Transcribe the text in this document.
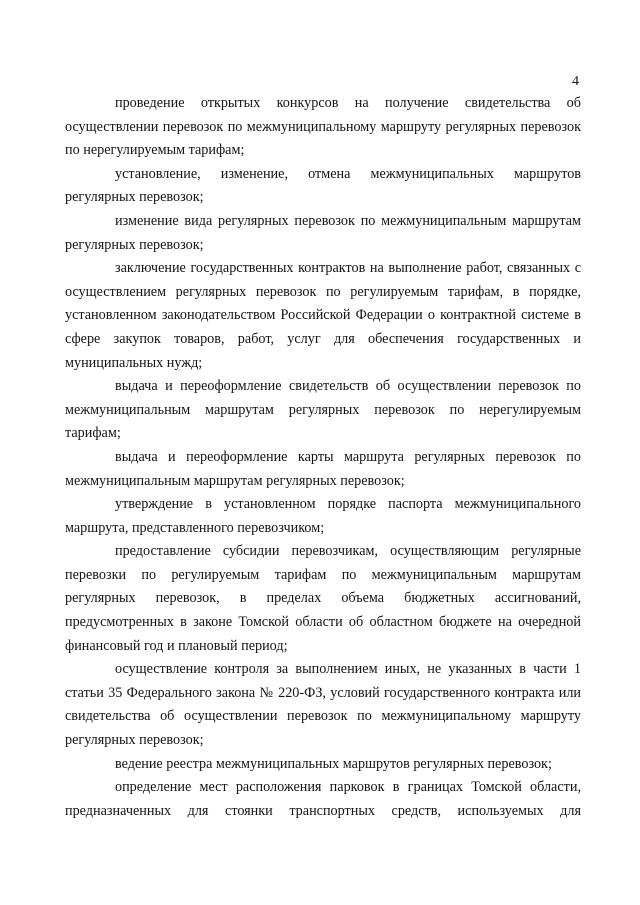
4

проведение открытых конкурсов на получение свидетельства об осуществлении перевозок по межмуниципальному маршруту регулярных перевозок по нерегулируемым тарифам;

установление, изменение, отмена межмуниципальных маршрутов регулярных перевозок;

изменение вида регулярных перевозок по межмуниципальным маршрутам регулярных перевозок;

заключение государственных контрактов на выполнение работ, связанных с осуществлением регулярных перевозок по регулируемым тарифам, в порядке, установленном законодательством Российской Федерации о контрактной системе в сфере закупок товаров, работ, услуг для обеспечения государственных и муниципальных нужд;

выдача и переоформление свидетельств об осуществлении перевозок по межмуниципальным маршрутам регулярных перевозок по нерегулируемым тарифам;

выдача и переоформление карты маршрута регулярных перевозок по межмуниципальным маршрутам регулярных перевозок;

утверждение в установленном порядке паспорта межмуниципального маршрута, представленного перевозчиком;

предоставление субсидии перевозчикам, осуществляющим регулярные перевозки по регулируемым тарифам по межмуниципальным маршрутам регулярных перевозок, в пределах объема бюджетных ассигнований, предусмотренных в законе Томской области об областном бюджете на очередной финансовый год и плановый период;

осуществление контроля за выполнением иных, не указанных в части 1 статьи 35 Федерального закона № 220-ФЗ, условий государственного контракта или свидетельства об осуществлении перевозок по межмуниципальному маршруту регулярных перевозок;

ведение реестра межмуниципальных маршрутов регулярных перевозок;

определение мест расположения парковок в границах Томской области, предназначенных для стоянки транспортных средств, используемых для
